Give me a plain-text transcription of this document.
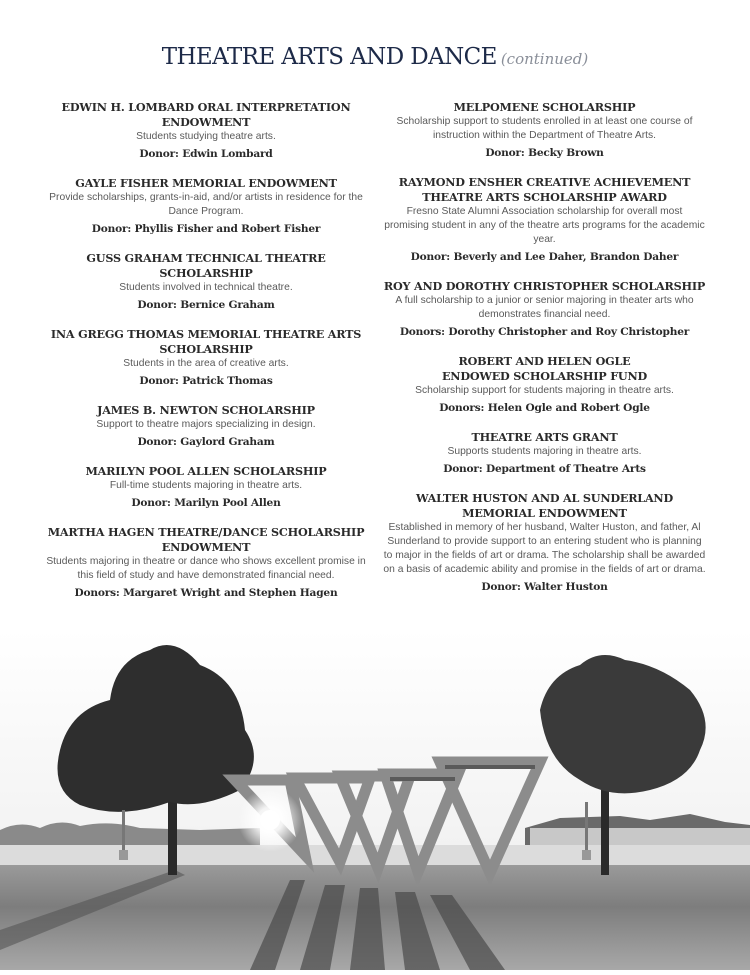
THEATRE ARTS AND DANCE (continued)
EDWIN H. LOMBARD ORAL INTERPRETATION ENDOWMENT

Students studying theatre arts.

Donor: Edwin Lombard

GAYLE FISHER MEMORIAL ENDOWMENT

Provide scholarships, grants-in-aid, and/or artists in residence for the Dance Program.

Donor: Phyllis Fisher and Robert Fisher

GUSS GRAHAM TECHNICAL THEATRE SCHOLARSHIP

Students involved in technical theatre.

Donor: Bernice Graham

INA GREGG THOMAS MEMORIAL THEATRE ARTS SCHOLARSHIP

Students in the area of creative arts.

Donor: Patrick Thomas

JAMES B. NEWTON SCHOLARSHIP

Support to theatre majors specializing in design.

Donor: Gaylord Graham

MARILYN POOL ALLEN SCHOLARSHIP

Full-time students majoring in theatre arts.

Donor: Marilyn Pool Allen

MARTHA HAGEN THEATRE/DANCE SCHOLARSHIP ENDOWMENT

Students majoring in theatre or dance who shows excellent promise in this field of study and have demonstrated financial need.

Donors: Margaret Wright and Stephen Hagen

MELPOMENE SCHOLARSHIP

Scholarship support to students enrolled in at least one course of instruction within the Department of Theatre Arts.

Donor: Becky Brown

RAYMOND ENSHER CREATIVE ACHIEVEMENT THEATRE ARTS SCHOLARSHIP AWARD

Fresno State Alumni Association scholarship for overall most promising student in any of the theatre arts programs for the academic year.

Donor: Beverly and Lee Daher, Brandon Daher

ROY AND DOROTHY CHRISTOPHER SCHOLARSHIP

A full scholarship to a junior or senior majoring in theater arts who demonstrates financial need.

Donors: Dorothy Christopher and Roy Christopher

ROBERT AND HELEN OGLE ENDOWED SCHOLARSHIP FUND

Scholarship support for students majoring in theatre arts.

Donors: Helen Ogle and Robert Ogle

THEATRE ARTS GRANT

Supports students majoring in theatre arts.

Donor: Department of Theatre Arts

WALTER HUSTON AND AL SUNDERLAND MEMORIAL ENDOWMENT

Established in memory of her husband, Walter Huston, and father, Al Sunderland to provide support to an entering student who is planning to major in the fields of art or drama. The scholarship shall be awarded on a basis of academic ability and promise in the fields of art or drama.

Donor: Walter Huston
